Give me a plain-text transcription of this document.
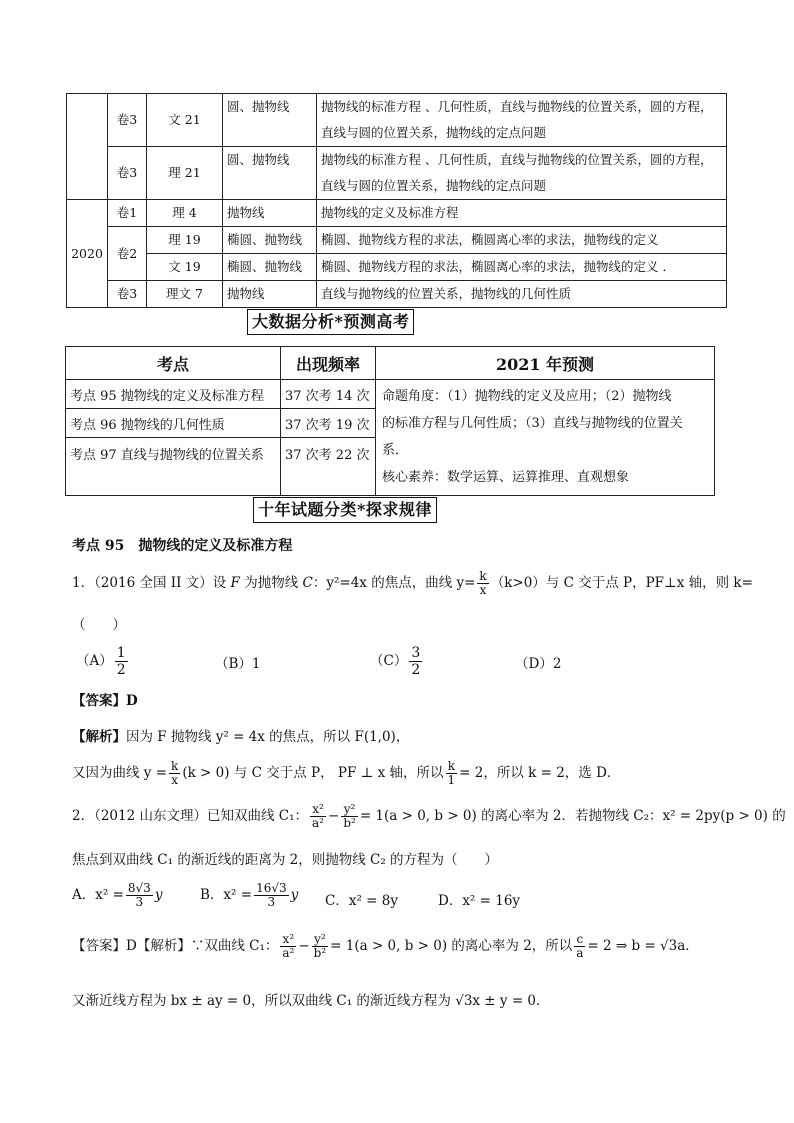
	卷3	文 21	圆、抛物线	抛物线的标准方程 、几何性质，直线与抛物线的位置关系，圆的方程，
直线与圆的位置关系，抛物线的定点问题
	卷3	理 21	圆、抛物线	抛物线的标准方程 、几何性质，直线与抛物线的位置关系，圆的方程，
直线与圆的位置关系，抛物线的定点问题
2020	卷1	理 4	抛物线	抛物线的定义及标准方程
	卷2	理 19	椭圆、抛物线	椭圆、抛物线方程的求法，椭圆离心率的求法，抛物线的定义
		文 19	椭圆、抛物线	椭圆、抛物线方程的求法，椭圆离心率的求法，抛物线的定义 ．
	卷3	理文 7	抛物线	直线与抛物线的位置关系，抛物线的几何性质
大数据分析*预测高考
考点	出现频率	2021 年预测
考点 95 抛物线的定义及标准方程	37 次考 14 次	命题角度：（1）抛物线的定义及应用；（2）抛物线
的标准方程与几何性质；（3）直线与抛物线的位置关
系．
核心素养：数学运算、运算推理、直观想象

考点 96 抛物线的几何性质	37 次考 19 次	
考点 97 直线与抛物线的位置关系	37 次考 22 次	
十年试题分类*探求规律
考点 95　抛物线的定义及标准方程
1．（2016 全国 II 文）设 F 为抛物线 C：y²=4x 的焦点，曲线 $y= \frac{k}{x} (k>0)$与 C 交于点 P，PF⊥x 轴，则 k=
（　　）
$(A) \frac{1}{2}$	（B）1	$(C) \frac{3}{2}$	（D）2
【答案】D
【解析】因为 F 抛物线 y² = 4x 的焦点，所以 F(1,0)，
又因为曲线 $y = \frac{k}{x} (k > 0)$ 与 C 交于点 P， PF ⊥ x 轴，所以 $\frac{k}{1} = 2$，所以 k = 2，选 D．
2．（2012 山东文理）已知双曲线 C₁： $\frac{\text{x²}}{\text{a²}} - \frac{\text{y²}}{\text{b²}} = 1(a > 0$, b > 0) 的离心率为 2．若抛物线 C₂：x² = 2py(p > 0) 的
焦点到双曲线 C₁ 的渐近线的距离为 2，则抛物线 C₂ 的方程为（　　）
A．$x^2 = \frac{8√3}{3}$ y	B．$x^2 = \frac{16√3}{3}$ y C．x² = 8y	D．x² = 16y
【答案】D【解析】∵双曲线 C₁： $\frac{\text{x²}}{\text{a²}} - \frac{\text{y²}}{\text{b²}} = 1(a > 0$, b > 0) 的离心率为 2，所以 $\frac{c}{a} = 2$ ⇒ b = √3a．
又渐近线方程为 bx ± ay = 0，所以双曲线 C₁ 的渐近线方程为 √3x ± y = 0．
